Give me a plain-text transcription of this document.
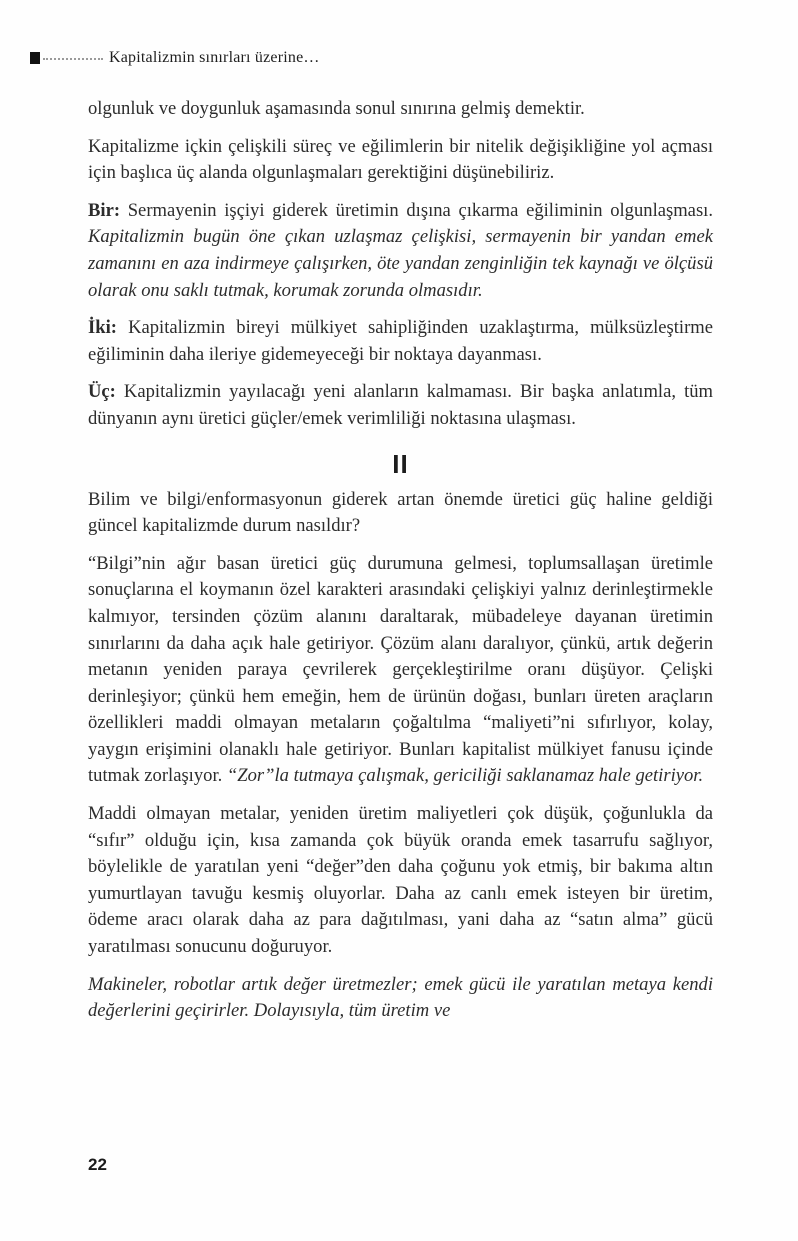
Kapitalizmin sınırları üzerine…

olgunluk ve doygunluk aşamasında sonul sınırına gelmiş demektir.

Kapitalizme içkin çelişkili süreç ve eğilimlerin bir nitelik değişikliğine yol açması için başlıca üç alanda olgunlaşmaları gerektiğini düşünebiliriz.

Bir: Sermayenin işçiyi giderek üretimin dışına çıkarma eğiliminin olgunlaşması. Kapitalizmin bugün öne çıkan uzlaşmaz çelişkisi, sermayenin bir yandan emek zamanını en aza indirmeye çalışırken, öte yandan zenginliğin tek kaynağı ve ölçüsü olarak onu saklı tutmak, korumak zorunda olmasıdır.

İki: Kapitalizmin bireyi mülkiyet sahipliğinden uzaklaştırma, mülksüzleştirme eğiliminin daha ileriye gidemeyeceği bir noktaya dayanması.

Üç: Kapitalizmin yayılacağı yeni alanların kalmaması. Bir başka anlatımla, tüm dünyanın aynı üretici güçler/emek verimliliği noktasına ulaşması.

II

Bilim ve bilgi/enformasyonun giderek artan önemde üretici güç haline geldiği güncel kapitalizmde durum nasıldır?

“Bilgi”nin ağır basan üretici güç durumuna gelmesi, toplumsallaşan üretimle sonuçlarına el koymanın özel karakteri arasındaki çelişkiyi yalnız derinleştirmekle kalmıyor, tersinden çözüm alanını daraltarak, mübadeleye dayanan üretimin sınırlarını da daha açık hale getiriyor. Çözüm alanı daralıyor, çünkü, artık değerin metanın yeniden paraya çevrilerek gerçekleştirilme oranı düşüyor. Çelişki derinleşiyor; çünkü hem emeğin, hem de ürünün doğası, bunları üreten araçların özellikleri maddi olmayan metaların çoğaltılma “maliyeti”ni sıfırlıyor, kolay, yaygın erişimini olanaklı hale getiriyor. Bunları kapitalist mülkiyet fanusu içinde tutmak zorlaşıyor. “Zor”la tutmaya çalışmak, gericiliği saklanamaz hale getiriyor.

Maddi olmayan metalar, yeniden üretim maliyetleri çok düşük, çoğunlukla da “sıfır” olduğu için, kısa zamanda çok büyük oranda emek tasarrufu sağlıyor, böylelikle de yaratılan yeni “değer”den daha çoğunu yok etmiş, bir bakıma altın yumurtlayan tavuğu kesmiş oluyorlar. Daha az canlı emek isteyen bir üretim, ödeme aracı olarak daha az para dağıtılması, yani daha az “satın alma” gücü yaratılması sonucunu doğuruyor.

Makineler, robotlar artık değer üretmezler; emek gücü ile yaratılan metaya kendi değerlerini geçirirler. Dolayısıyla, tüm üretim ve

22
